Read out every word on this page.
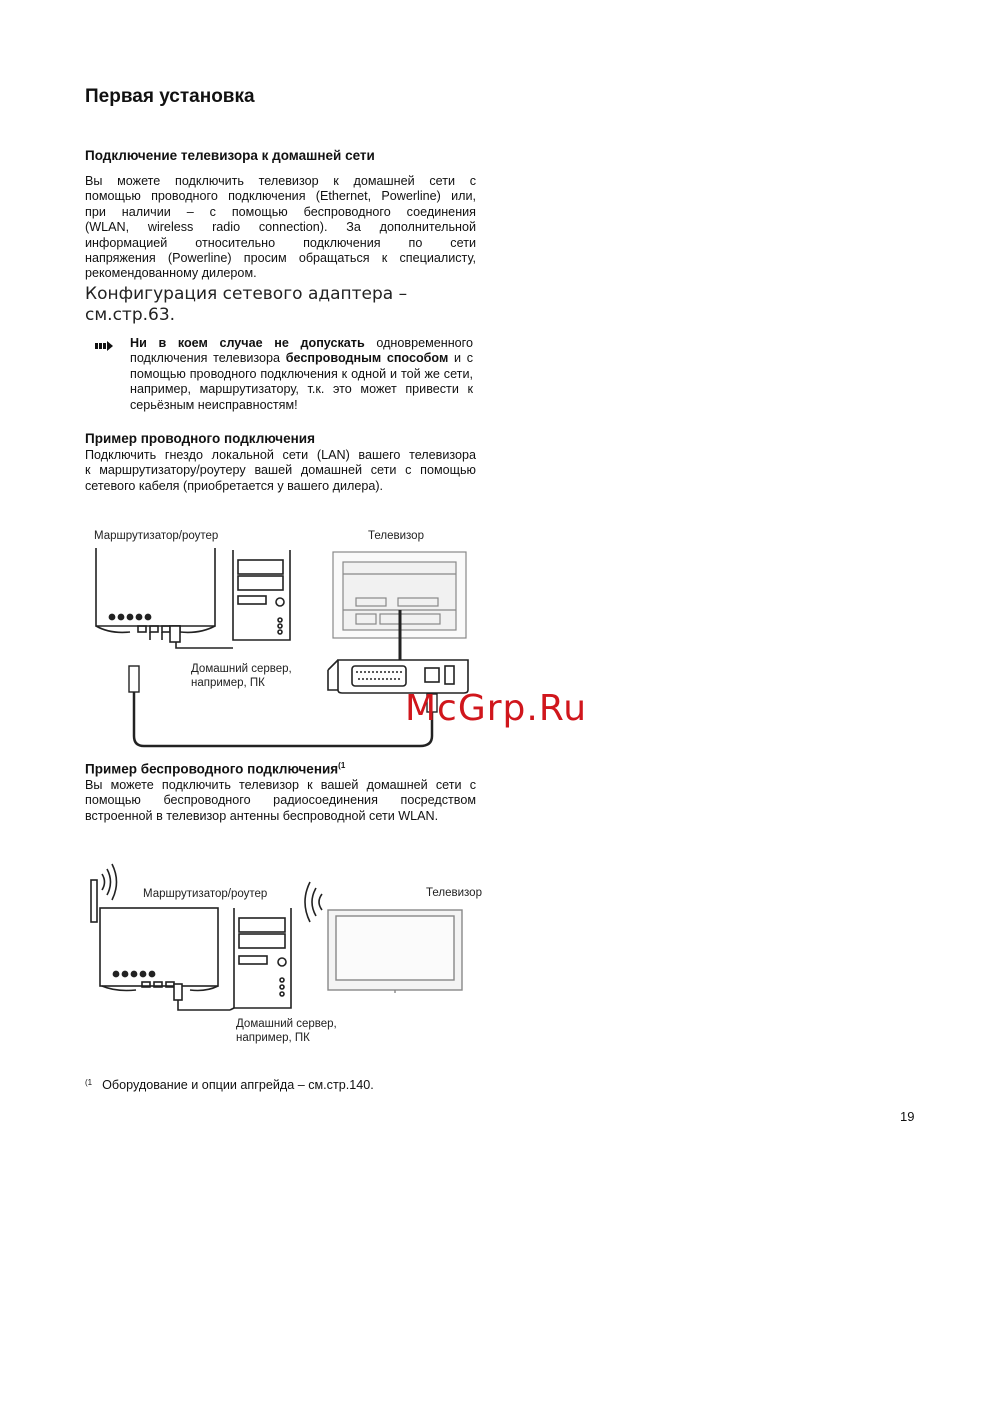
Первая установка
Подключение телевизора к домашней сети

Вы можете подключить телевизор к домашней сети с

помощью проводного подключения (Ethernet, Powerline) или,

при наличии – с помощью беспроводного соединения

(WLAN, wireless radio connection). За дополнительной

информацией относительно подключения по сети

напряжения (Powerline) просим обращаться к специалисту,

рекомендованному дилером.

Конфигурация сетевого адаптера –
см.стр.63.
Ни в коем случае не допускать одновременного подключения телевизора беспроводным способом и с помощью проводного подключения к одной и той же сети, например, маршрутизатору, т.к. это может привести к серьёзным неисправностям!
Пример проводного подключения

Подключить гнездо локальной сети (LAN) вашего телевизора

к маршрутизатору/роутеру вашей домашней сети с помощью

сетевого кабеля (приобретается у вашего дилера).

Маршрутизатор/роутер	Телевизор
Домашний сервер,
например, ПК
McGrp.Ru
Пример беспроводного подключения$^{(1}$

Вы можете подключить телевизор к вашей домашней сети с

помощью беспроводного радиосоединения посредством

встроенной в телевизор антенны беспроводной сети WLAN.

Маршрутизатор/роутер	Телевизор
Домашний сервер,
например, ПК
$^{(1}$ Оборудование и опции апгрейда – см.стр.140.
19
